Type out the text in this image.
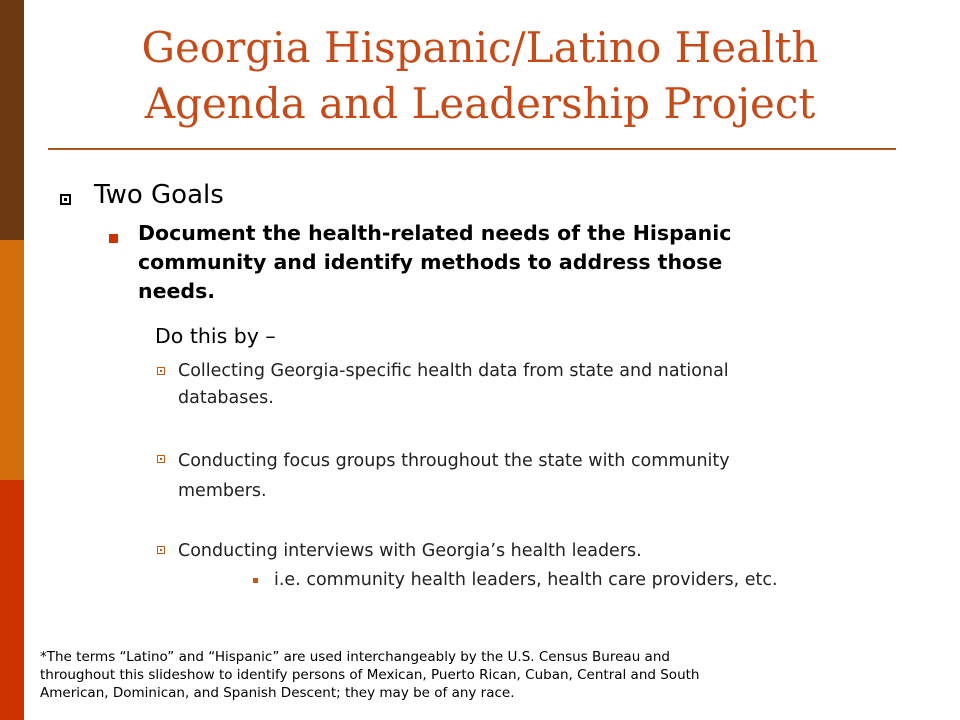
Georgia Hispanic/Latino Health
Agenda and Leadership Project
Two Goals
Document the health-related needs of the Hispanic
community and identify methods to address those
needs.
Do this by –
Collecting Georgia-specific health data from state and national
databases.
Conducting focus groups throughout the state with community
members.
Conducting interviews with Georgia’s health leaders.
i.e. community health leaders, health care providers, etc.
*The terms “Latino” and “Hispanic” are used interchangeably by the U.S. Census Bureau and
throughout this slideshow to identify persons of Mexican, Puerto Rican, Cuban, Central and South
American, Dominican, and Spanish Descent; they may be of any race.
